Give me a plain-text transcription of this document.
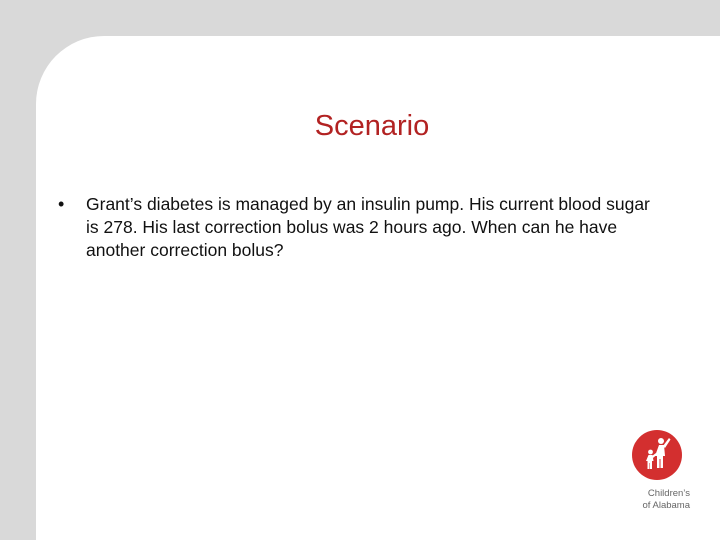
Scenario
• Grant’s diabetes is managed by an insulin pump. His current blood sugar is 278. His last correction bolus was 2 hours ago. When can he have another correction bolus?
Children’s
of Alabama
